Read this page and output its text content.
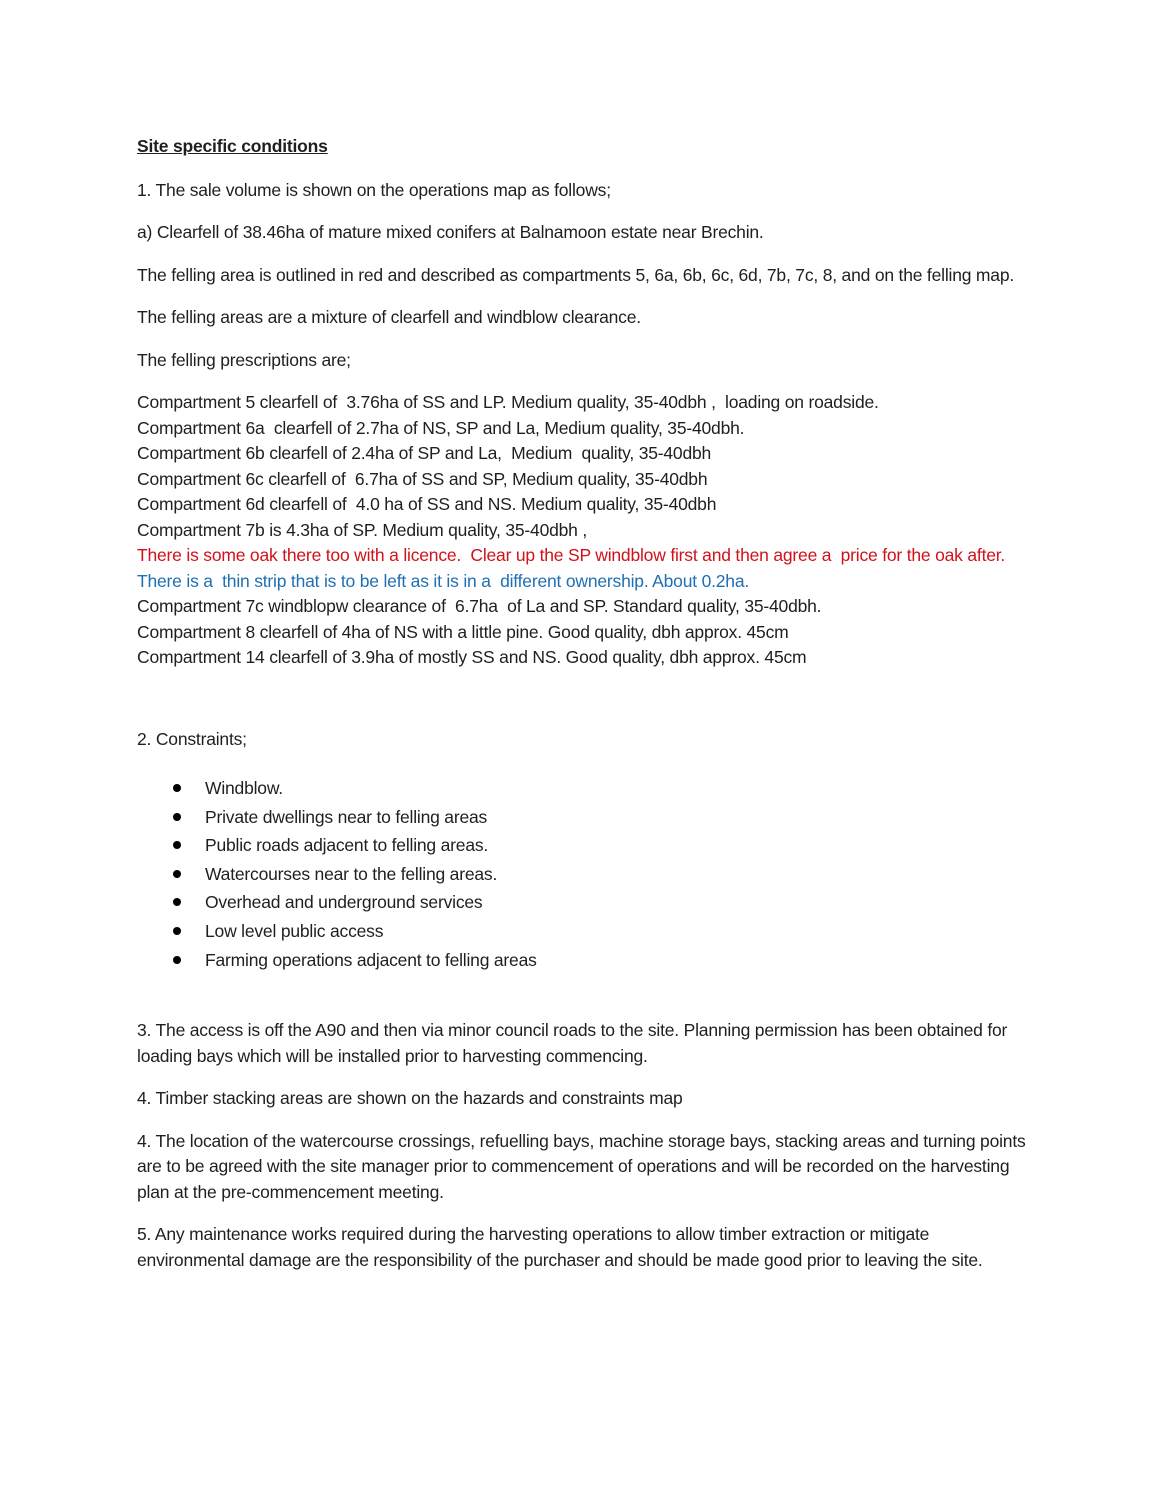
Site specific conditions

1. The sale volume is shown on the operations map as follows;

a) Clearfell of 38.46ha of mature mixed conifers at Balnamoon estate near Brechin.

The felling area is outlined in red and described as compartments 5, 6a, 6b, 6c, 6d, 7b, 7c, 8, and on the felling map.

The felling areas are a mixture of clearfell and windblow clearance.

The felling prescriptions are;

Compartment 5 clearfell of  3.76ha of SS and LP. Medium quality, 35-40dbh ,  loading on roadside.
Compartment 6a  clearfell of 2.7ha of NS, SP and La, Medium quality, 35-40dbh.
Compartment 6b clearfell of 2.4ha of SP and La,  Medium  quality, 35-40dbh
Compartment 6c clearfell of  6.7ha of SS and SP, Medium quality, 35-40dbh
Compartment 6d clearfell of  4.0 ha of SS and NS. Medium quality, 35-40dbh
Compartment 7b is 4.3ha of SP. Medium quality, 35-40dbh ,
There is some oak there too with a licence.  Clear up the SP windblow first and then agree a  price for the oak after.
There is a  thin strip that is to be left as it is in a  different ownership. About 0.2ha.
Compartment 7c windblopw clearance of  6.7ha  of La and SP. Standard quality, 35-40dbh.
Compartment 8 clearfell of 4ha of NS with a little pine. Good quality, dbh approx. 45cm
Compartment 14 clearfell of 3.9ha of mostly SS and NS. Good quality, dbh approx. 45cm

2. Constraints;

Windblow.
Private dwellings near to felling areas
Public roads adjacent to felling areas.
Watercourses near to the felling areas.
Overhead and underground services
Low level public access
Farming operations adjacent to felling areas

3. The access is off the A90 and then via minor council roads to the site. Planning permission has been obtained for loading bays which will be installed prior to harvesting commencing.

4. Timber stacking areas are shown on the hazards and constraints map

4. The location of the watercourse crossings, refuelling bays, machine storage bays, stacking areas and turning points are to be agreed with the site manager prior to commencement of operations and will be recorded on the harvesting plan at the pre-commencement meeting.

5. Any maintenance works required during the harvesting operations to allow timber extraction or mitigate environmental damage are the responsibility of the purchaser and should be made good prior to leaving the site.
